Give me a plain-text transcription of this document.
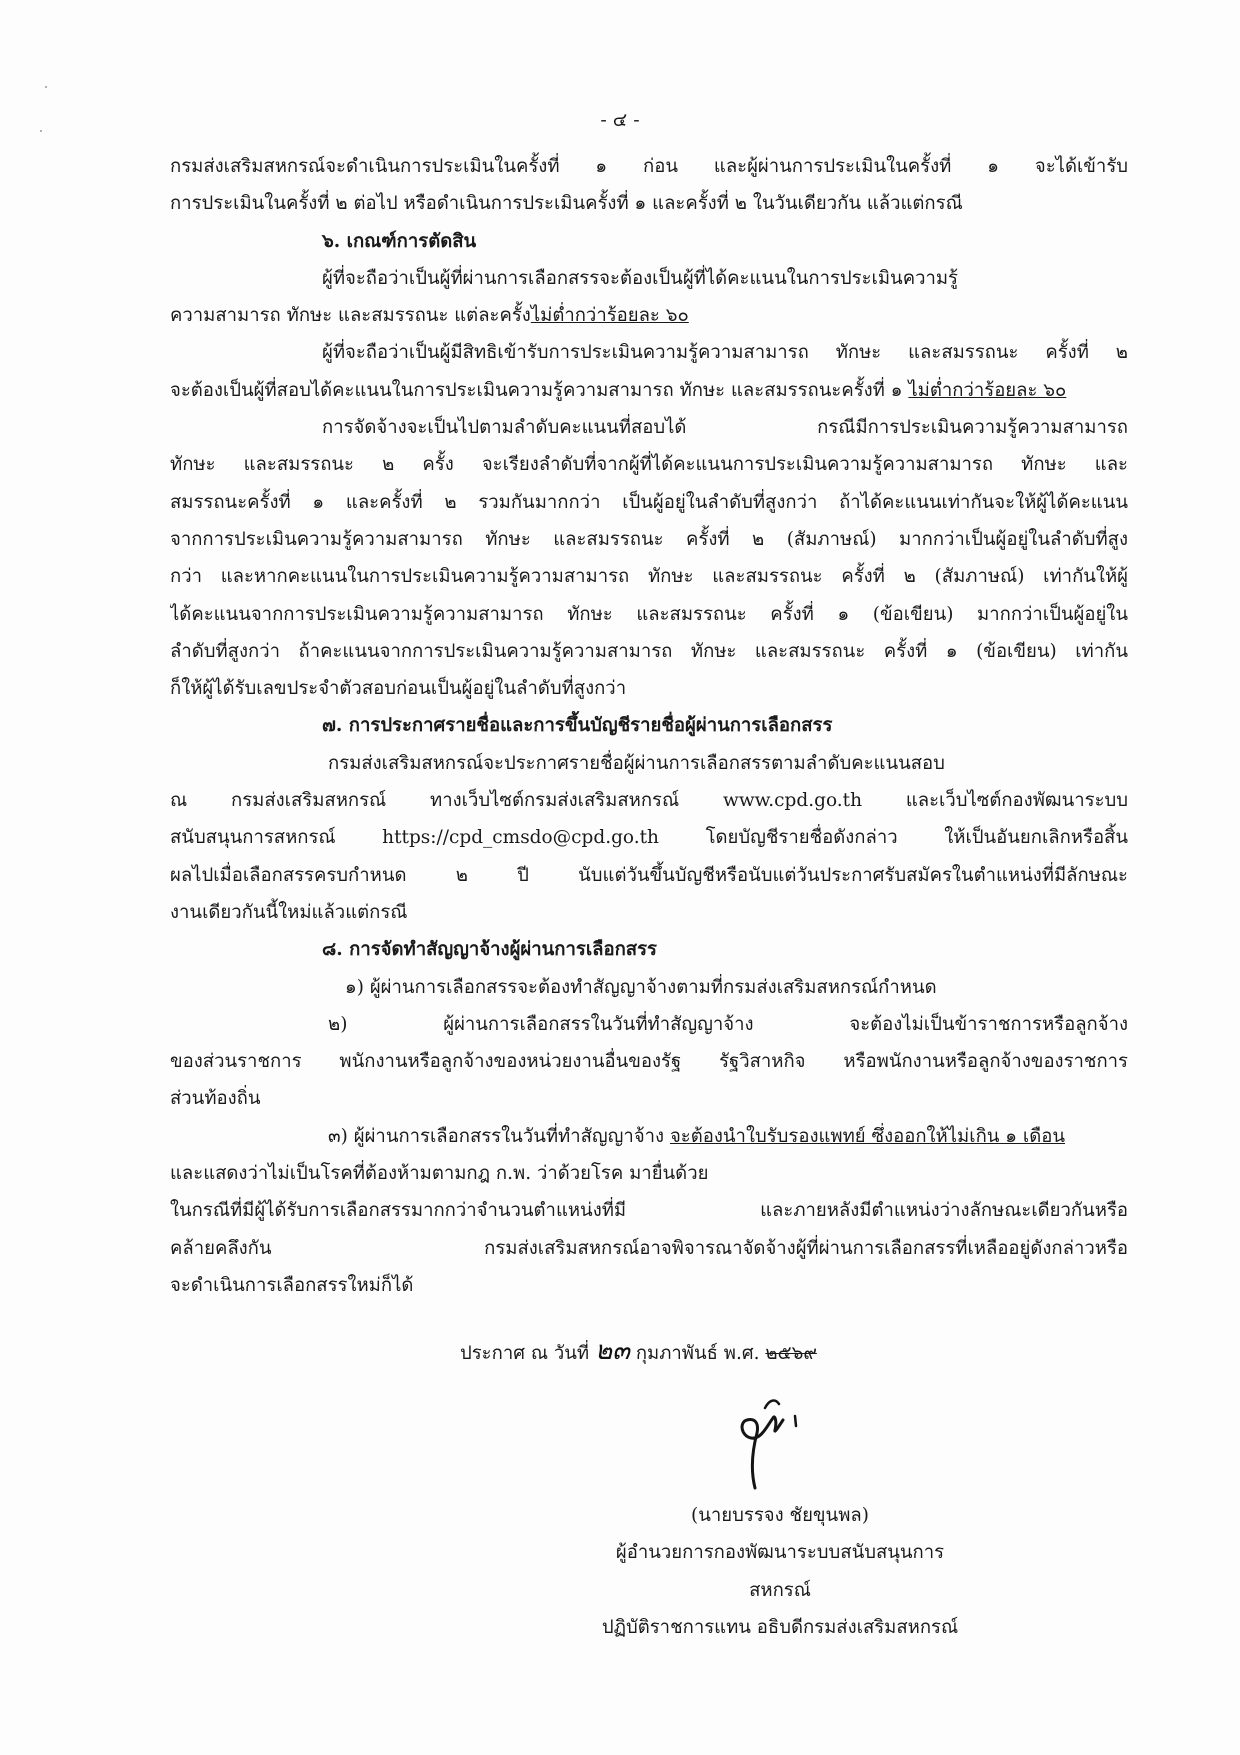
- ๔ -
กรมส่งเสริมสหกรณ์จะดำเนินการประเมินในครั้งที่ ๑ ก่อน และผู้ผ่านการประเมินในครั้งที่ ๑ จะได้เข้ารับ
การประเมินในครั้งที่ ๒ ต่อไป หรือดำเนินการประเมินครั้งที่ ๑ และครั้งที่ ๒ ในวันเดียวกัน แล้วแต่กรณี
๖. เกณฑ์การตัดสิน
ผู้ที่จะถือว่าเป็นผู้ที่ผ่านการเลือกสรรจะต้องเป็นผู้ที่ได้คะแนนในการประเมินความรู้
ความสามารถ ทักษะ และสมรรถนะ แต่ละครั้งไม่ต่ำกว่าร้อยละ ๖๐
ผู้ที่จะถือว่าเป็นผู้มีสิทธิเข้ารับการประเมินความรู้ความสามารถ ทักษะ และสมรรถนะ ครั้งที่ ๒
จะต้องเป็นผู้ที่สอบได้คะแนนในการประเมินความรู้ความสามารถ ทักษะ และสมรรถนะครั้งที่ ๑ ไม่ต่ำกว่าร้อยละ ๖๐
การจัดจ้างจะเป็นไปตามลำดับคะแนนที่สอบได้ กรณีมีการประเมินความรู้ความสามารถ
ทักษะ และสมรรถนะ ๒ ครั้ง จะเรียงลำดับที่จากผู้ที่ได้คะแนนการประเมินความรู้ความสามารถ ทักษะ และ
สมรรถนะครั้งที่ ๑ และครั้งที่ ๒ รวมกันมากกว่า เป็นผู้อยู่ในลำดับที่สูงกว่า ถ้าได้คะแนนเท่ากันจะให้ผู้ได้คะแนน
จากการประเมินความรู้ความสามารถ ทักษะ และสมรรถนะ ครั้งที่ ๒ (สัมภาษณ์) มากกว่าเป็นผู้อยู่ในลำดับที่สูง
กว่า และหากคะแนนในการประเมินความรู้ความสามารถ ทักษะ และสมรรถนะ ครั้งที่ ๒ (สัมภาษณ์) เท่ากันให้ผู้
ได้คะแนนจากการประเมินความรู้ความสามารถ ทักษะ และสมรรถนะ ครั้งที่ ๑ (ข้อเขียน) มากกว่าเป็นผู้อยู่ใน
ลำดับที่สูงกว่า ถ้าคะแนนจากการประเมินความรู้ความสามารถ ทักษะ และสมรรถนะ ครั้งที่ ๑ (ข้อเขียน) เท่ากัน
ก็ให้ผู้ได้รับเลขประจำตัวสอบก่อนเป็นผู้อยู่ในลำดับที่สูงกว่า
๗. การประกาศรายชื่อและการขึ้นบัญชีรายชื่อผู้ผ่านการเลือกสรร
กรมส่งเสริมสหกรณ์จะประกาศรายชื่อผู้ผ่านการเลือกสรรตามลำดับคะแนนสอบ
ณ กรมส่งเสริมสหกรณ์ ทางเว็บไซต์กรมส่งเสริมสหกรณ์ www.cpd.go.th และเว็บไซต์กองพัฒนาระบบ
สนับสนุนการสหกรณ์ https://cpd_cmsdo@cpd.go.th โดยบัญชีรายชื่อดังกล่าว ให้เป็นอันยกเลิกหรือสิ้น
ผลไปเมื่อเลือกสรรครบกำหนด ๒ ปี นับแต่วันขึ้นบัญชีหรือนับแต่วันประกาศรับสมัครในตำแหน่งที่มีลักษณะ
งานเดียวกันนี้ใหม่แล้วแต่กรณี
๘. การจัดทำสัญญาจ้างผู้ผ่านการเลือกสรร
๑) ผู้ผ่านการเลือกสรรจะต้องทำสัญญาจ้างตามที่กรมส่งเสริมสหกรณ์กำหนด
๒) ผู้ผ่านการเลือกสรรในวันที่ทำสัญญาจ้าง จะต้องไม่เป็นข้าราชการหรือลูกจ้าง
ของส่วนราชการ พนักงานหรือลูกจ้างของหน่วยงานอื่นของรัฐ รัฐวิสาหกิจ หรือพนักงานหรือลูกจ้างของราชการ
ส่วนท้องถิ่น
๓) ผู้ผ่านการเลือกสรรในวันที่ทำสัญญาจ้าง จะต้องนำใบรับรองแพทย์ ซึ่งออกให้ไม่เกิน ๑ เดือน
และแสดงว่าไม่เป็นโรคที่ต้องห้ามตามกฎ ก.พ. ว่าด้วยโรค มายื่นด้วย
ในกรณีที่มีผู้ได้รับการเลือกสรรมากกว่าจำนวนตำแหน่งที่มี และภายหลังมีตำแหน่งว่างลักษณะเดียวกันหรือ
คล้ายคลึงกัน กรมส่งเสริมสหกรณ์อาจพิจารณาจัดจ้างผู้ที่ผ่านการเลือกสรรที่เหลืออยู่ดังกล่าวหรือ
จะดำเนินการเลือกสรรใหม่ก็ได้
ประกาศ ณ วันที่ ๒๓ กุมภาพันธ์ พ.ศ. ๒๕๖๙
(นายบรรจง ชัยขุนพล)
ผู้อำนวยการกองพัฒนาระบบสนับสนุนการสหกรณ์
ปฏิบัติราชการแทน อธิบดีกรมส่งเสริมสหกรณ์
